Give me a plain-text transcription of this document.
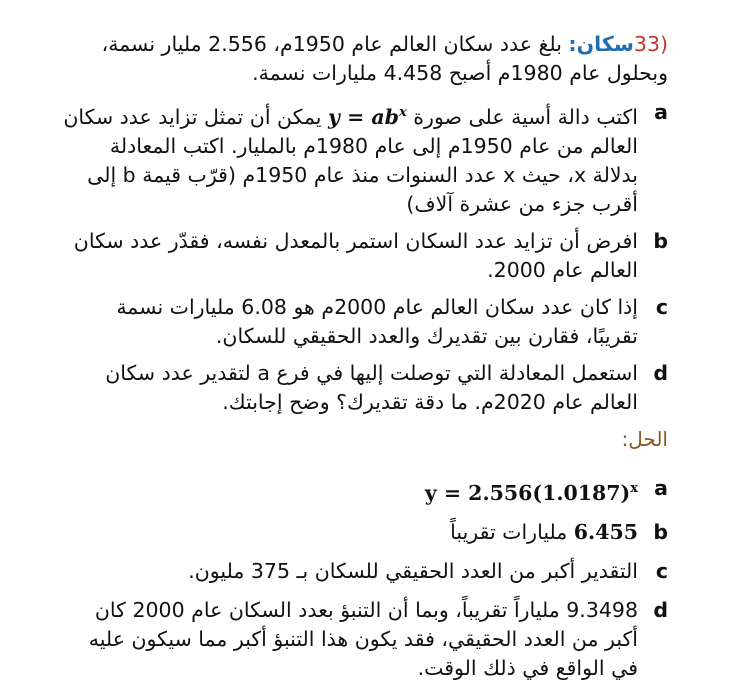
33)سكان: بلغ عدد سكان العالم عام 1950م، 2.556 مليار نسمة، وبحلول عام 1980م أصبح 4.458 مليارات نسمة.
a
اكتب دالة أسية على صورة $y = ab^x$ يمكن أن تمثل تزايد عدد سكان العالم من عام 1950م إلى عام 1980م بالمليار. اكتب المعادلة بدلالة x، حيث x عدد السنوات منذ عام 1950م (قرّب قيمة b إلى أقرب جزء من عشرة آلاف)
b
افرض أن تزايد عدد السكان استمر بالمعدل نفسه، فقدّر عدد سكان العالم عام 2000.
c
إذا كان عدد سكان العالم عام 2000م هو 6.08 مليارات نسمة تقريبًا، فقارن بين تقديرك والعدد الحقيقي للسكان.
d
استعمل المعادلة التي توصلت إليها في فرع a لتقدير عدد سكان العالم عام 2020م. ما دقة تقديرك؟ وضح إجابتك.
الحل:
a
$y = 2.556(1.0187)^x$
b
6.455 مليارات تقريباً
c
التقدير أكبر من العدد الحقيقي للسكان بـ 375 مليون.
d
9.3498 ملياراً تقريباً، وبما أن التنبؤ بعدد السكان عام 2000 كان أكبر من العدد الحقيقي، فقد يكون هذا التنبؤ أكبر مما سيكون عليه في الواقع في ذلك الوقت.
